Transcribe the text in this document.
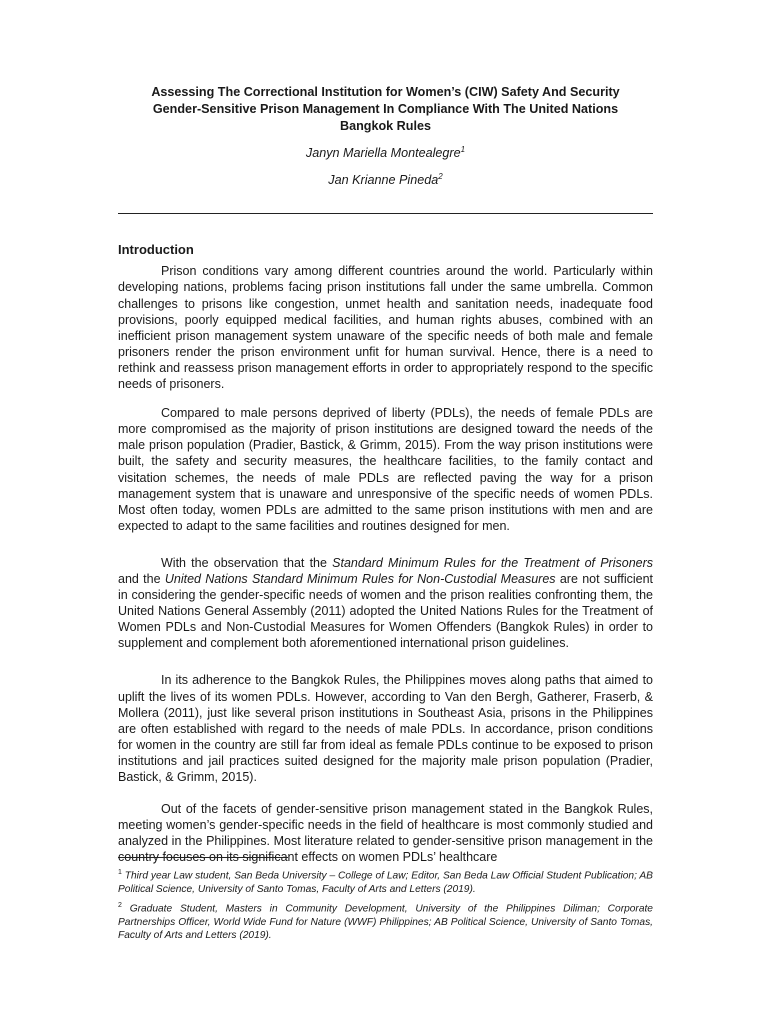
Assessing The Correctional Institution for Women’s (CIW) Safety And Security
Gender-Sensitive Prison Management In Compliance With The United Nations
Bangkok Rules

Janyn Mariella Montealegre$^1$

Jan Krianne Pineda$^2$

Introduction

Prison conditions vary among different countries around the world. Particularly within developing nations, problems facing prison institutions fall under the same umbrella. Common challenges to prisons like congestion, unmet health and sanitation needs, inadequate food provisions, poorly equipped medical facilities, and human rights abuses, combined with an inefficient prison management system unaware of the specific needs of both male and female prisoners render the prison environment unfit for human survival. Hence, there is a need to rethink and reassess prison management efforts in order to appropriately respond to the specific needs of prisoners.

Compared to male persons deprived of liberty (PDLs), the needs of female PDLs are more compromised as the majority of prison institutions are designed toward the needs of the male prison population (Pradier, Bastick, & Grimm, 2015). From the way prison institutions were built, the safety and security measures, the healthcare facilities, to the family contact and visitation schemes, the needs of male PDLs are reflected paving the way for a prison management system that is unaware and unresponsive of the specific needs of women PDLs. Most often today, women PDLs are admitted to the same prison institutions with men and are expected to adapt to the same facilities and routines designed for men.

With the observation that the Standard Minimum Rules for the Treatment of Prisoners and the United Nations Standard Minimum Rules for Non-Custodial Measures are not sufficient in considering the gender-specific needs of women and the prison realities confronting them, the United Nations General Assembly (2011) adopted the United Nations Rules for the Treatment of Women PDLs and Non-Custodial Measures for Women Offenders (Bangkok Rules) in order to supplement and complement both aforementioned international prison guidelines.

In its adherence to the Bangkok Rules, the Philippines moves along paths that aimed to uplift the lives of its women PDLs. However, according to Van den Bergh, Gatherer, Fraserb, & Mollera (2011), just like several prison institutions in Southeast Asia, prisons in the Philippines are often established with regard to the needs of male PDLs. In accordance, prison conditions for women in the country are still far from ideal as female PDLs continue to be exposed to prison institutions and jail practices suited designed for the majority male prison population (Pradier, Bastick, & Grimm, 2015).

Out of the facets of gender-sensitive prison management stated in the Bangkok Rules, meeting women’s gender-specific needs in the field of healthcare is most commonly studied and analyzed in the Philippines. Most literature related to gender-sensitive prison management in the country focuses on its significant effects on women PDLs’ healthcare

$^1$ Third year Law student, San Beda University – College of Law; Editor, San Beda Law Official Student Publication; AB Political Science, University of Santo Tomas, Faculty of Arts and Letters (2019).

$^2$ Graduate Student, Masters in Community Development, University of the Philippines Diliman; Corporate Partnerships Officer, World Wide Fund for Nature (WWF) Philippines; AB Political Science, University of Santo Tomas, Faculty of Arts and Letters (2019).
